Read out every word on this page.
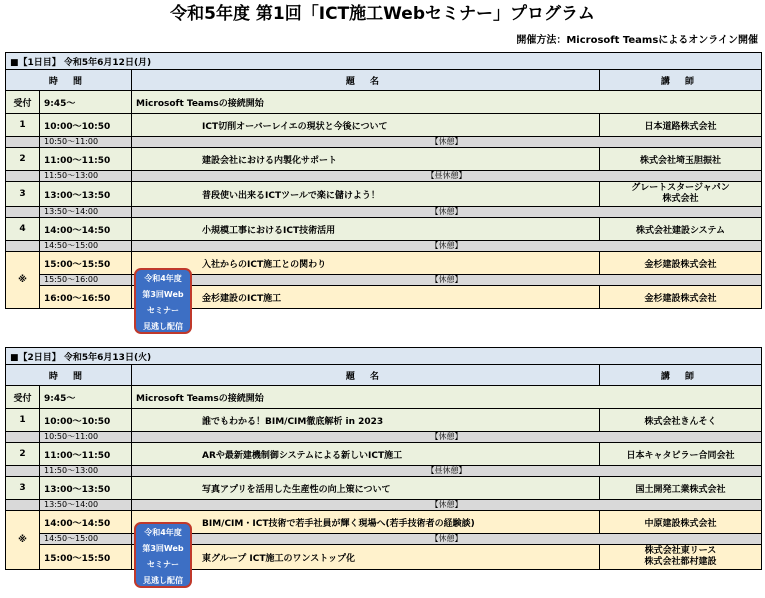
令和5年度 第1回「ICT施工Webセミナー」プログラム
開催方法：Microsoft Teamsによるオンライン開催
■【1日目】 令和5年6月12日(月)			
時 間		題 名	講 師
受付	9:45～	Microsoft Teamsの接続開始	
1	10:00～10:50	ICT切削オーバーレイエの現状と今後について	日本道路株式会社
	10:50～11:00	【休憩】	
2	11:00～11:50	建設会社における内製化サポート	株式会社埼玉胆振社
	11:50～13:00	【昼休憩】	
3	13:00～13:50	普段使い出来るICTツールで楽に儲けよう！	グレートスタージャパン
株式会社
	13:50～14:00	【休憩】	
4	14:00～14:50	小規模工事におけるICT技術活用	株式会社建設システム
	14:50～15:00	【休憩】	
※	15:00～15:50	入社からのICT施工との関わり	金杉建設株式会社
	15:50～16:00	【休憩】	
	16:00～16:50	金杉建設のICT施工	金杉建設株式会社
令和4年度
第3回Web
セミナー
見逃し配信
■【2日目】 令和5年6月13日(火)			
時 間		題 名	講 師
受付	9:45～	Microsoft Teamsの接続開始	
1	10:00～10:50	誰でもわかる！BIM/CIM徹底解析 in 2023	株式会社きんそく
	10:50～11:00	【休憩】	
2	11:00～11:50	ARや最新建機制御システムによる新しいICT施工	日本キャタピラー合同会社
	11:50～13:00	【昼休憩】	
3	13:00～13:50	写真アプリを活用した生産性の向上策について	国土開発工業株式会社
	13:50～14:00	【休憩】	
※	14:00～14:50	BIM/CIM・ICT技術で若手社員が輝く現場へ(若手技術者の経験談)	中原建設株式会社
	14:50～15:00	【休憩】	
	15:00～15:50	東グループ ICT施工のワンストップ化	株式会社東リース
株式会社都村建設
令和4年度
第3回Web
セミナー
見逃し配信
